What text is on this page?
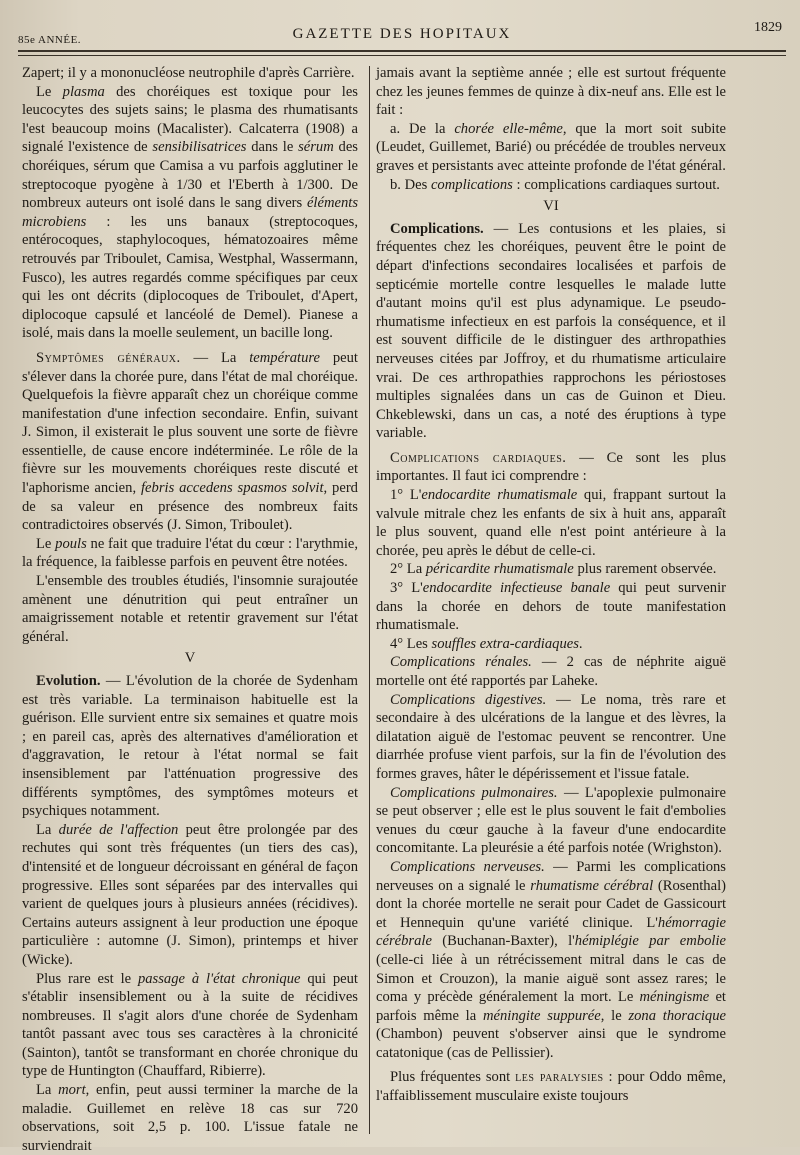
85e ANNÉE.	GAZETTE DES HOPITAUX	1829

Zapert; il y a mononucléose neutrophile d'après Carrière.

Le plasma des choréiques est toxique pour les leucocytes des sujets sains; le plasma des rhumatisants l'est beaucoup moins (Macalister). Calcaterra (1908) a signalé l'existence de sensibilisatrices dans le sérum des choréiques, sérum que Camisa a vu parfois agglutiner le streptocoque pyogène à 1/30 et l'Eberth à 1/300. De nombreux auteurs ont isolé dans le sang divers éléments microbiens : les uns banaux (streptocoques, entérocoques, staphylocoques, hématozoaires même retrouvés par Triboulet, Camisa, Westphal, Wassermann, Fusco), les autres regardés comme spécifiques par ceux qui les ont décrits (diplocoques de Triboulet, d'Apert, diplocoque capsulé et lancéolé de Demel). Pianese a isolé, mais dans la moelle seulement, un bacille long.

Symptômes généraux. — La température peut s'élever dans la chorée pure, dans l'état de mal choréique. Quelquefois la fièvre apparaît chez un choréique comme manifestation d'une infection secondaire. Enfin, suivant J. Simon, il existerait le plus souvent une sorte de fièvre essentielle, de cause encore indéterminée. Le rôle de la fièvre sur les mouvements choréiques reste discuté et l'aphorisme ancien, febris accedens spasmos solvit, perd de sa valeur en présence des nombreux faits contradictoires observés (J. Simon, Triboulet).

Le pouls ne fait que traduire l'état du cœur : l'arythmie, la fréquence, la faiblesse parfois en peuvent être notées.

L'ensemble des troubles étudiés, l'insomnie surajoutée amènent une dénutrition qui peut entraîner un amaigrissement notable et retentir gravement sur l'état général.

V

Evolution. — L'évolution de la chorée de Sydenham est très variable. La terminaison habituelle est la guérison. Elle survient entre six semaines et quatre mois ; en pareil cas, après des alternatives d'amélioration et d'aggravation, le retour à l'état normal se fait insensiblement par l'atténuation progressive des différents symptômes, des symptômes moteurs et psychiques notamment.

La durée de l'affection peut être prolongée par des rechutes qui sont très fréquentes (un tiers des cas), d'intensité et de longueur décroissant en général de façon progressive. Elles sont séparées par des intervalles qui varient de quelques jours à plusieurs années (récidives). Certains auteurs assignent à leur production une époque particulière : automne (J. Simon), printemps et hiver (Wicke).

Plus rare est le passage à l'état chronique qui peut s'établir insensiblement ou à la suite de récidives nombreuses. Il s'agit alors d'une chorée de Sydenham tantôt passant avec tous ses caractères à la chronicité (Sainton), tantôt se transformant en chorée chronique du type de Huntington (Chauffard, Ribierre).

La mort, enfin, peut aussi terminer la marche de la maladie. Guillemet en relève 18 cas sur 720 observations, soit 2,5 p. 100. L'issue fatale ne surviendrait

jamais avant la septième année ; elle est surtout fréquente chez les jeunes femmes de quinze à dix-neuf ans. Elle est le fait :

a. De la chorée elle-même, que la mort soit subite (Leudet, Guillemet, Barié) ou précédée de troubles nerveux graves et persistants avec atteinte profonde de l'état général.

b. Des complications : complications cardiaques surtout.

VI

Complications. — Les contusions et les plaies, si fréquentes chez les choréiques, peuvent être le point de départ d'infections secondaires localisées et parfois de septicémie mortelle contre lesquelles le malade lutte d'autant moins qu'il est plus adynamique. Le pseudo-rhumatisme infectieux en est parfois la conséquence, et il est souvent difficile de le distinguer des arthropathies nerveuses citées par Joffroy, et du rhumatisme articulaire vrai. De ces arthropathies rapprochons les périostoses multiples signalées dans un cas de Guinon et Dieu. Chkeblewski, dans un cas, a noté des éruptions à type variable.

Complications cardiaques. — Ce sont les plus importantes. Il faut ici comprendre :

1° L'endocardite rhumatismale qui, frappant surtout la valvule mitrale chez les enfants de six à huit ans, apparaît le plus souvent, quand elle n'est point antérieure à la chorée, peu après le début de celle-ci.

2° La péricardite rhumatismale plus rarement observée.

3° L'endocardite infectieuse banale qui peut survenir dans la chorée en dehors de toute manifestation rhumatismale.

4° Les souffles extra-cardiaques.

Complications rénales. — 2 cas de néphrite aiguë mortelle ont été rapportés par Laheke.

Complications digestives. — Le noma, très rare et secondaire à des ulcérations de la langue et des lèvres, la dilatation aiguë de l'estomac peuvent se rencontrer. Une diarrhée profuse vient parfois, sur la fin de l'évolution des formes graves, hâter le dépérissement et l'issue fatale.

Complications pulmonaires. — L'apoplexie pulmonaire se peut observer ; elle est le plus souvent le fait d'embolies venues du cœur gauche à la faveur d'une endocardite concomitante. La pleurésie a été parfois notée (Wrighston).

Complications nerveuses. — Parmi les complications nerveuses on a signalé le rhumatisme cérébral (Rosenthal) dont la chorée mortelle ne serait pour Cadet de Gassicourt et Hennequin qu'une variété clinique. L'hémorragie cérébrale (Buchanan-Baxter), l'hémiplégie par embolie (celle-ci liée à un rétrécissement mitral dans le cas de Simon et Crouzon), la manie aiguë sont assez rares; le coma y précède généralement la mort. Le méningisme et parfois même la méningite suppurée, le zona thoracique (Chambon) peuvent s'observer ainsi que le syndrome catatonique (cas de Pellissier).

Plus fréquentes sont les paralysies : pour Oddo même, l'affaiblissement musculaire existe toujours
